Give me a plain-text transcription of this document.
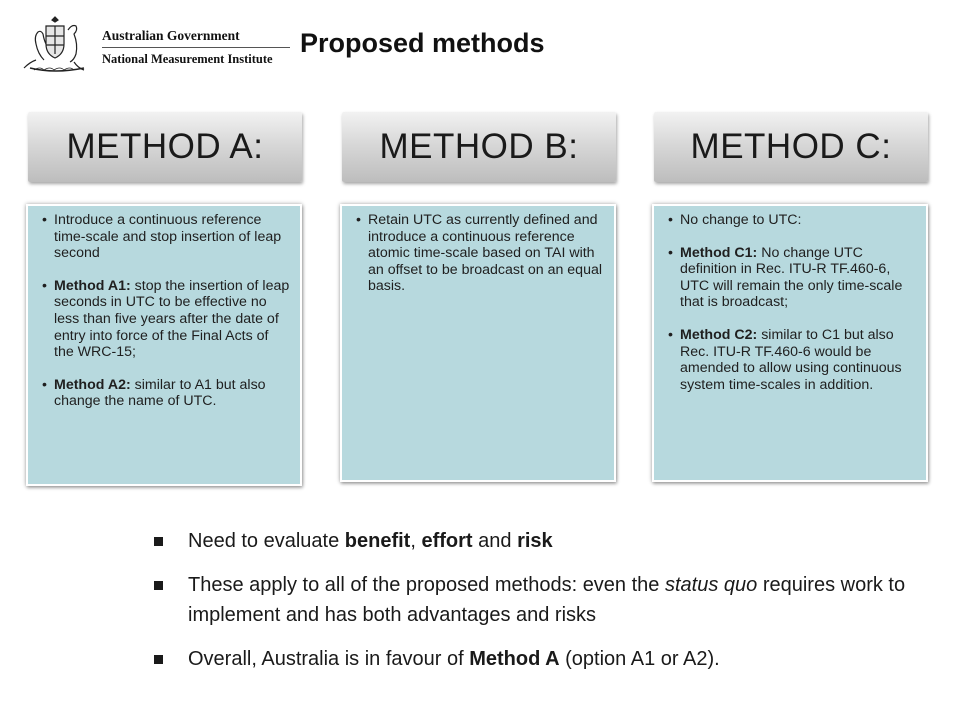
Australian Government
National Measurement Institute
Proposed methods
METHOD A:	METHOD B:	METHOD C:
• Introduce a continuous reference time-scale and stop insertion of leap second
• Method A1: stop the insertion of leap seconds in UTC to be effective no less than five years after the date of entry into force of the Final Acts of the WRC-15;
• Method A2: similar to A1 but also change the name of UTC.
• Retain UTC as currently defined and introduce a continuous reference atomic time-scale based on TAI with an offset to be broadcast on an equal basis.
• No change to UTC:
• Method C1: No change UTC definition in Rec. ITU-R TF.460-6, UTC will remain the only time-scale that is broadcast;
• Method C2: similar to C1 but also Rec. ITU-R TF.460-6 would be amended to allow using continuous system time-scales in addition.
Need to evaluate benefit, effort and risk
These apply to all of the proposed methods: even the status quo requires work to implement and has both advantages and risks
Overall, Australia is in favour of Method A (option A1 or A2).
